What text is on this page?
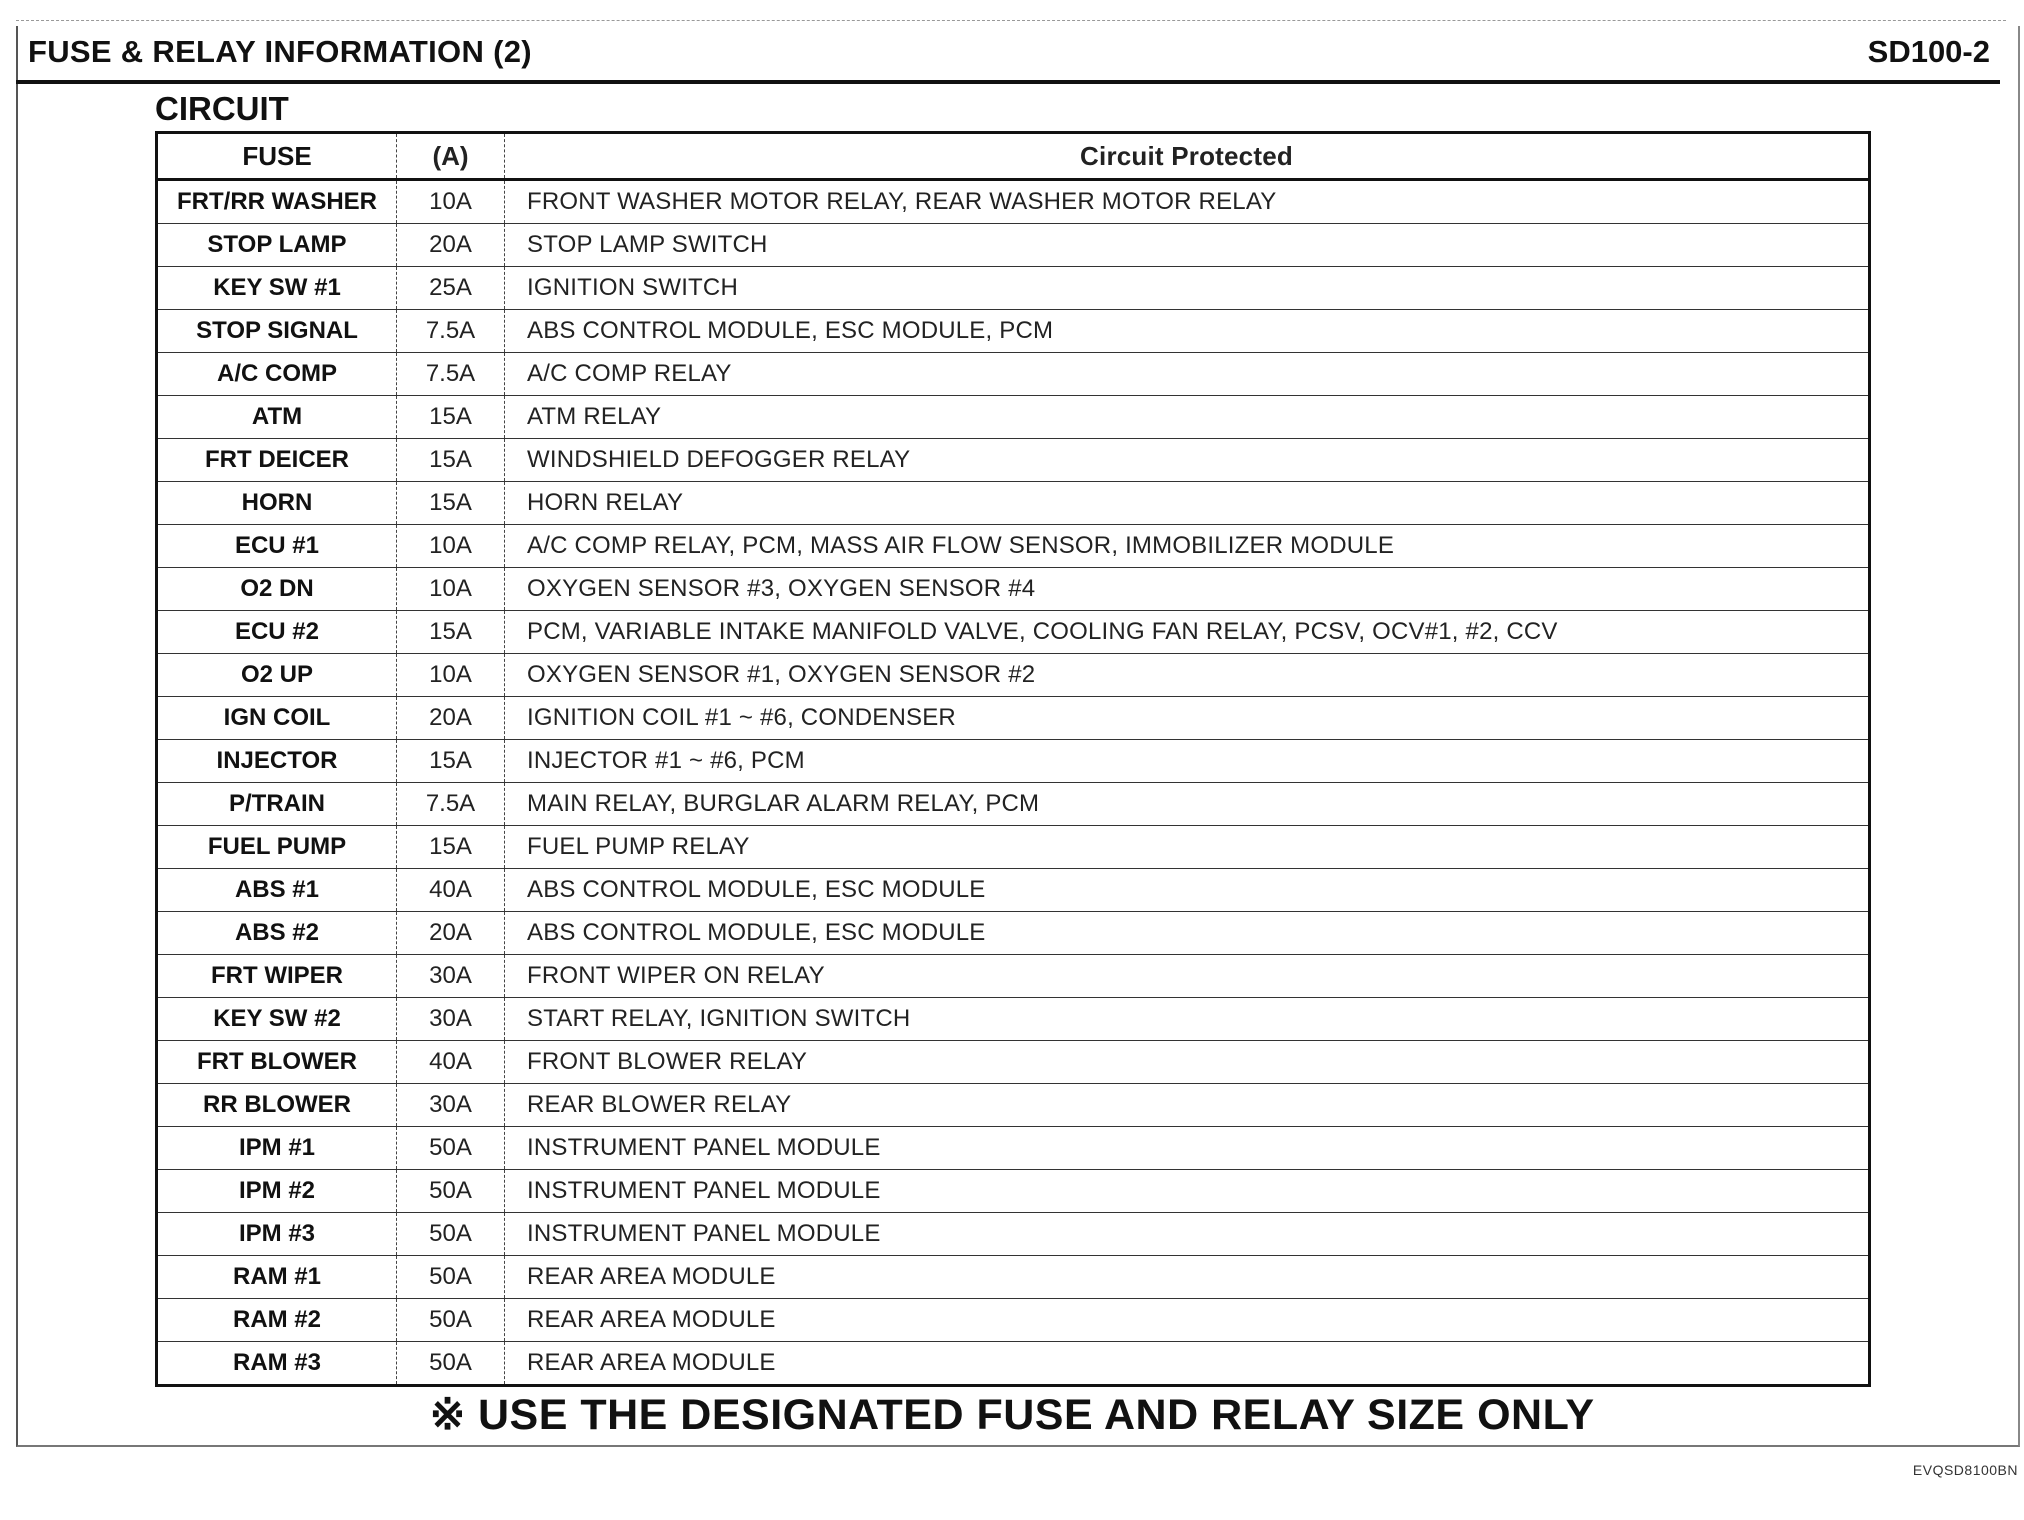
FUSE & RELAY INFORMATION (2)	SD100-2
CIRCUIT
FUSE	(A)	Circuit Protected
FRT/RR WASHER	10A	FRONT WASHER MOTOR RELAY, REAR WASHER MOTOR RELAY
STOP LAMP	20A	STOP LAMP SWITCH
KEY SW #1	25A	IGNITION SWITCH
STOP SIGNAL	7.5A	ABS CONTROL MODULE, ESC MODULE, PCM
A/C COMP	7.5A	A/C COMP RELAY
ATM	15A	ATM RELAY
FRT DEICER	15A	WINDSHIELD DEFOGGER RELAY
HORN	15A	HORN RELAY
ECU #1	10A	A/C COMP RELAY, PCM, MASS AIR FLOW SENSOR, IMMOBILIZER MODULE
O2 DN	10A	OXYGEN SENSOR #3, OXYGEN SENSOR #4
ECU #2	15A	PCM, VARIABLE INTAKE MANIFOLD VALVE, COOLING FAN RELAY, PCSV, OCV#1, #2, CCV
O2 UP	10A	OXYGEN SENSOR #1, OXYGEN SENSOR #2
IGN COIL	20A	IGNITION COIL #1 ~ #6, CONDENSER
INJECTOR	15A	INJECTOR #1 ~ #6, PCM
P/TRAIN	7.5A	MAIN RELAY, BURGLAR ALARM RELAY, PCM
FUEL PUMP	15A	FUEL PUMP RELAY
ABS #1	40A	ABS CONTROL MODULE, ESC MODULE
ABS #2	20A	ABS CONTROL MODULE, ESC MODULE
FRT WIPER	30A	FRONT WIPER ON RELAY
KEY SW #2	30A	START RELAY, IGNITION SWITCH
FRT BLOWER	40A	FRONT BLOWER RELAY
RR BLOWER	30A	REAR BLOWER RELAY
IPM #1	50A	INSTRUMENT PANEL MODULE
IPM #2	50A	INSTRUMENT PANEL MODULE
IPM #3	50A	INSTRUMENT PANEL MODULE
RAM #1	50A	REAR AREA MODULE
RAM #2	50A	REAR AREA MODULE
RAM #3	50A	REAR AREA MODULE
※ USE THE DESIGNATED FUSE AND RELAY SIZE ONLY
EVQSD8100BN
